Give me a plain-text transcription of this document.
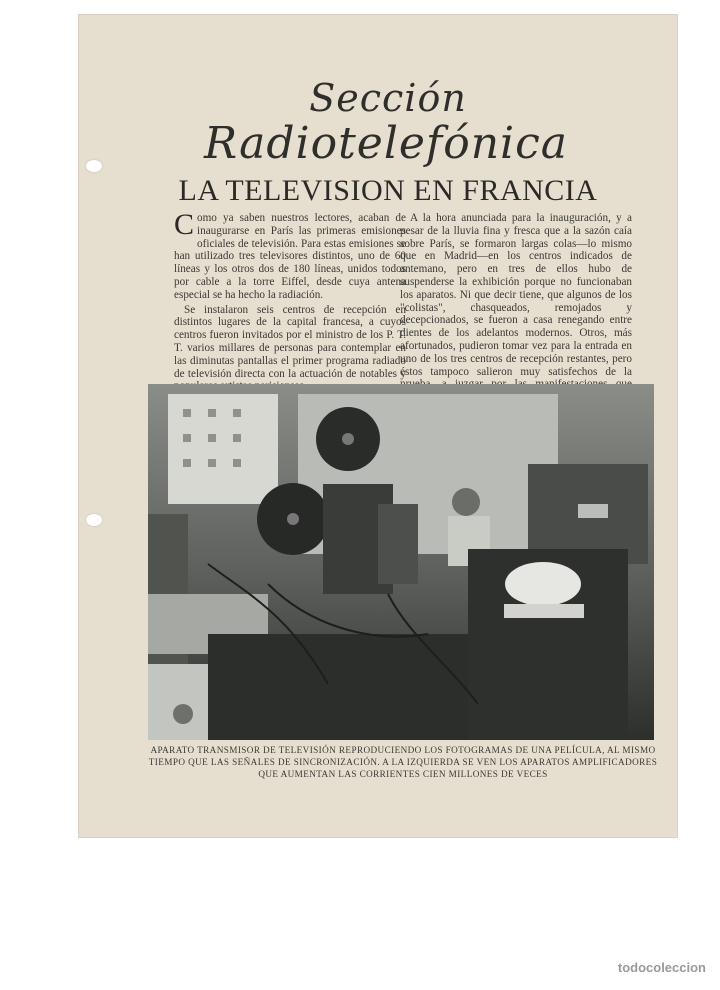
Sección
Radiotelefónica
LA TELEVISION EN FRANCIA

Como ya saben nuestros lectores, acaban de inaugurarse en París las primeras emisiones oficiales de televisión. Para estas emisiones se han utilizado tres televisores distintos, uno de 60 líneas y los otros dos de 180 líneas, unidos todos por cable a la torre Eiffel, desde cuya antena especial se ha hecho la radiación.

Se instalaron seis centros de recepción en distintos lugares de la capital francesa, a cuyos centros fueron invitados por el ministro de los P. T. T. varios millares de personas para contemplar en las diminutas pantallas el primer programa radiado de televisión directa con la actuación de notables y

A la hora anunciada para la inauguración, y a pesar de la lluvia fina y fresca que a la sazón caía sobre París, se formaron largas colas—lo mismo que en Madrid—en los centros indicados de antemano, pero en tres de ellos hubo de suspenderse la exhibición porque no funcionaban los aparatos. Ni que decir tiene, que algunos de los "colistas", chasqueados, remojados y decepcionados, se fueron a casa renegando entre dientes de los adelantos modernos. Otros, más afortunados, pudieron tomar vez para la entrada en uno de los tres centros de recepción restantes, pero éstos tampoco salieron muy satisfechos de la

APARATO TRANSMISOR DE TELEVISIÓN REPRODUCIENDO LOS FOTOGRAMAS DE UNA PELÍCULA, AL MISMO TIEMPO QUE LAS SEÑALES DE SINCRONIZACIÓN. A LA IZQUIERDA SE VEN LOS APARATOS AMPLIFICADORES QUE AUMENTAN LAS CORRIENTES CIEN MILLONES DE VECES
todocoleccion
